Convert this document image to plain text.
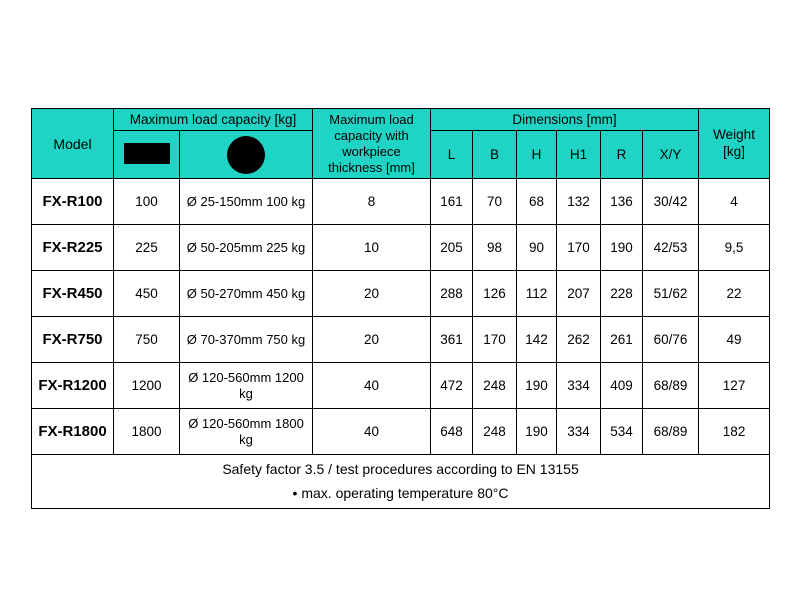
Model	Maximum load capacity [kg]		Maximum load capacity with workpiece thickness [mm]	Dimensions [mm]						Weight [kg]
				L	B	H	H1	R	X/Y	

FX-R100	100	Ø 25-150mm 100 kg	8	161	70	68	132	136	30/42	4
FX-R225	225	Ø 50-205mm 225 kg	10	205	98	90	170	190	42/53	9,5
FX-R450	450	Ø 50-270mm 450 kg	20	288	126	112	207	228	51/62	22
FX-R750	750	Ø 70-370mm 750 kg	20	361	170	142	262	261	60/76	49
FX-R1200	1200	Ø 120-560mm 1200 kg	40	472	248	190	334	409	68/89	127
FX-R1800	1800	Ø 120-560mm 1800 kg	40	648	248	190	334	534	68/89	182

Safety factor 3.5 / test procedures according to EN 13155
• max. operating temperature 80°C										
